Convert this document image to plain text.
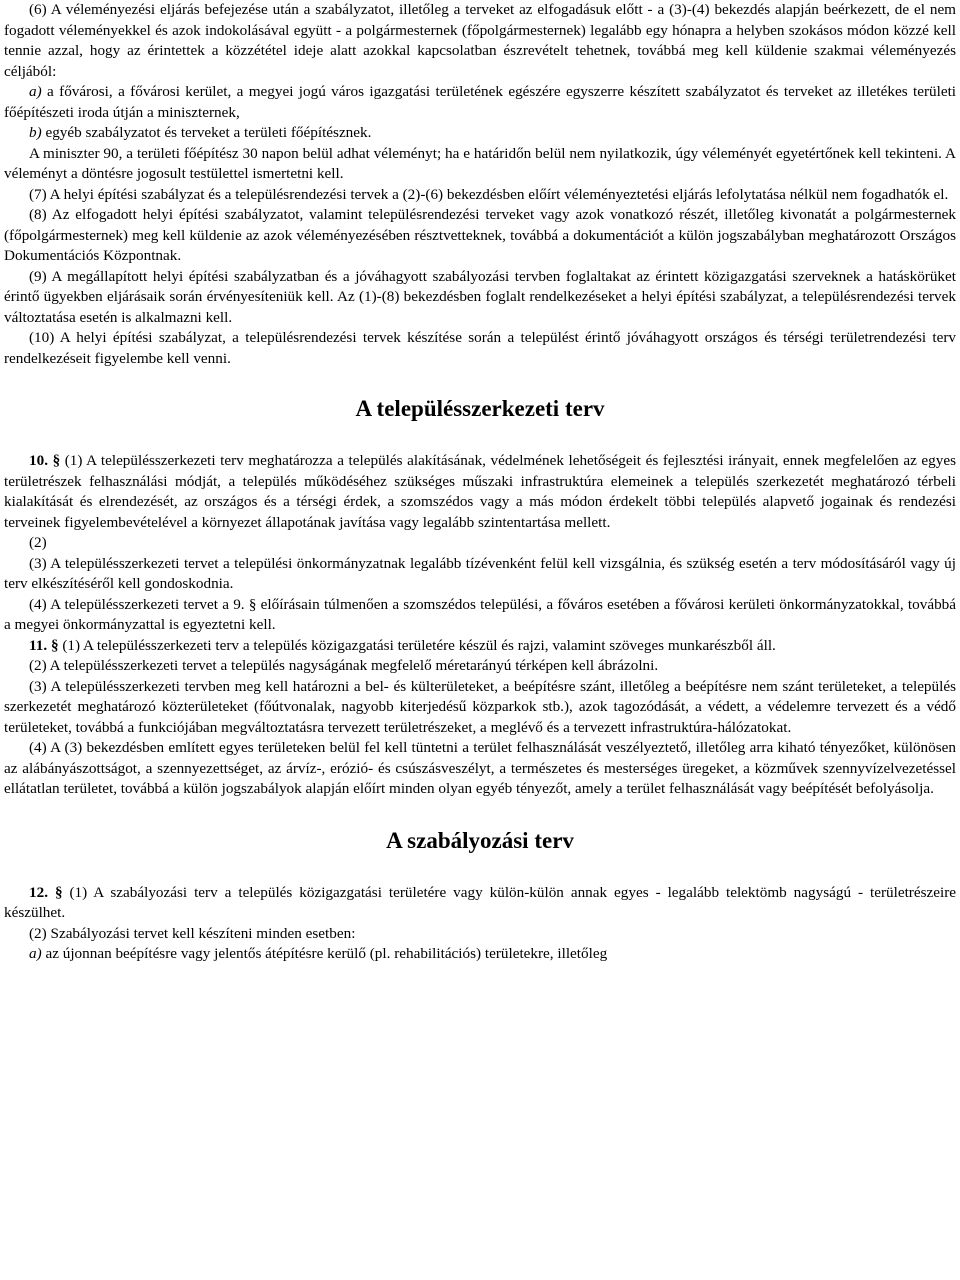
(6) A véleményezési eljárás befejezése után a szabályzatot, illetőleg a terveket az elfogadásuk előtt - a (3)-(4) bekezdés alapján beérkezett, de el nem fogadott véleményekkel és azok indokolásával együtt - a polgármesternek (főpolgármesternek) legalább egy hónapra a helyben szokásos módon közzé kell tennie azzal, hogy az érintettek a közzététel ideje alatt azokkal kapcsolatban észrevételt tehetnek, továbbá meg kell küldenie szakmai véleményezés céljából:

a) a fővárosi, a fővárosi kerület, a megyei jogú város igazgatási területének egészére egyszerre készített szabályzatot és terveket az illetékes területi főépítészeti iroda útján a miniszternek,

b) egyéb szabályzatot és terveket a területi főépítésznek.

A miniszter 90, a területi főépítész 30 napon belül adhat véleményt; ha e határidőn belül nem nyilatkozik, úgy véleményét egyetértőnek kell tekinteni. A véleményt a döntésre jogosult testülettel ismertetni kell.

(7) A helyi építési szabályzat és a településrendezési tervek a (2)-(6) bekezdésben előírt véleményeztetési eljárás lefolytatása nélkül nem fogadhatók el.

(8) Az elfogadott helyi építési szabályzatot, valamint településrendezési terveket vagy azok vonatkozó részét, illetőleg kivonatát a polgármesternek (főpolgármesternek) meg kell küldenie az azok véleményezésében résztvetteknek, továbbá a dokumentációt a külön jogszabályban meghatározott Országos Dokumentációs Központnak.

(9) A megállapított helyi építési szabályzatban és a jóváhagyott szabályozási tervben foglaltakat az érintett közigazgatási szerveknek a hatáskörüket érintő ügyekben eljárásaik során érvényesíteniük kell. Az (1)-(8) bekezdésben foglalt rendelkezéseket a helyi építési szabályzat, a településrendezési tervek változtatása esetén is alkalmazni kell.

(10) A helyi építési szabályzat, a településrendezési tervek készítése során a települést érintő jóváhagyott országos és térségi területrendezési terv rendelkezéseit figyelembe kell venni.

A településszerkezeti terv

10. § (1) A településszerkezeti terv meghatározza a település alakításának, védelmének lehetőségeit és fejlesztési irányait, ennek megfelelően az egyes területrészek felhasználási módját, a település működéséhez szükséges műszaki infrastruktúra elemeinek a település szerkezetét meghatározó térbeli kialakítását és elrendezését, az országos és a térségi érdek, a szomszédos vagy a más módon érdekelt többi település alapvető jogainak és rendezési terveinek figyelembevételével a környezet állapotának javítása vagy legalább szintentartása mellett.

(2)

(3) A településszerkezeti tervet a települési önkormányzatnak legalább tízévenként felül kell vizsgálnia, és szükség esetén a terv módosításáról vagy új terv elkészítéséről kell gondoskodnia.

(4) A településszerkezeti tervet a 9. § előírásain túlmenően a szomszédos települési, a főváros esetében a fővárosi kerületi önkormányzatokkal, továbbá a megyei önkormányzattal is egyeztetni kell.

11. § (1) A településszerkezeti terv a település közigazgatási területére készül és rajzi, valamint szöveges munkarészből áll.

(2) A településszerkezeti tervet a település nagyságának megfelelő méretarányú térképen kell ábrázolni.

(3) A településszerkezeti tervben meg kell határozni a bel- és külterületeket, a beépítésre szánt, illetőleg a beépítésre nem szánt területeket, a település szerkezetét meghatározó közterületeket (főútvonalak, nagyobb kiterjedésű közparkok stb.), azok tagozódását, a védett, a védelemre tervezett és a védő területeket, továbbá a funkciójában megváltoztatásra tervezett területrészeket, a meglévő és a tervezett infrastruktúra-hálózatokat.

(4) A (3) bekezdésben említett egyes területeken belül fel kell tüntetni a terület felhasználását veszélyeztető, illetőleg arra kiható tényezőket, különösen az alábányászottságot, a szennyezettséget, az árvíz-, erózió- és csúszásveszélyt, a természetes és mesterséges üregeket, a közművek szennyvízelvezetéssel ellátatlan területet, továbbá a külön jogszabályok alapján előírt minden olyan egyéb tényezőt, amely a terület felhasználását vagy beépítését befolyásolja.

A szabályozási terv

12. § (1) A szabályozási terv a település közigazgatási területére vagy külön-külön annak egyes - legalább telektömb nagyságú - területrészeire készülhet.

(2) Szabályozási tervet kell készíteni minden esetben:

a) az újonnan beépítésre vagy jelentős átépítésre kerülő (pl. rehabilitációs) területekre, illetőleg
